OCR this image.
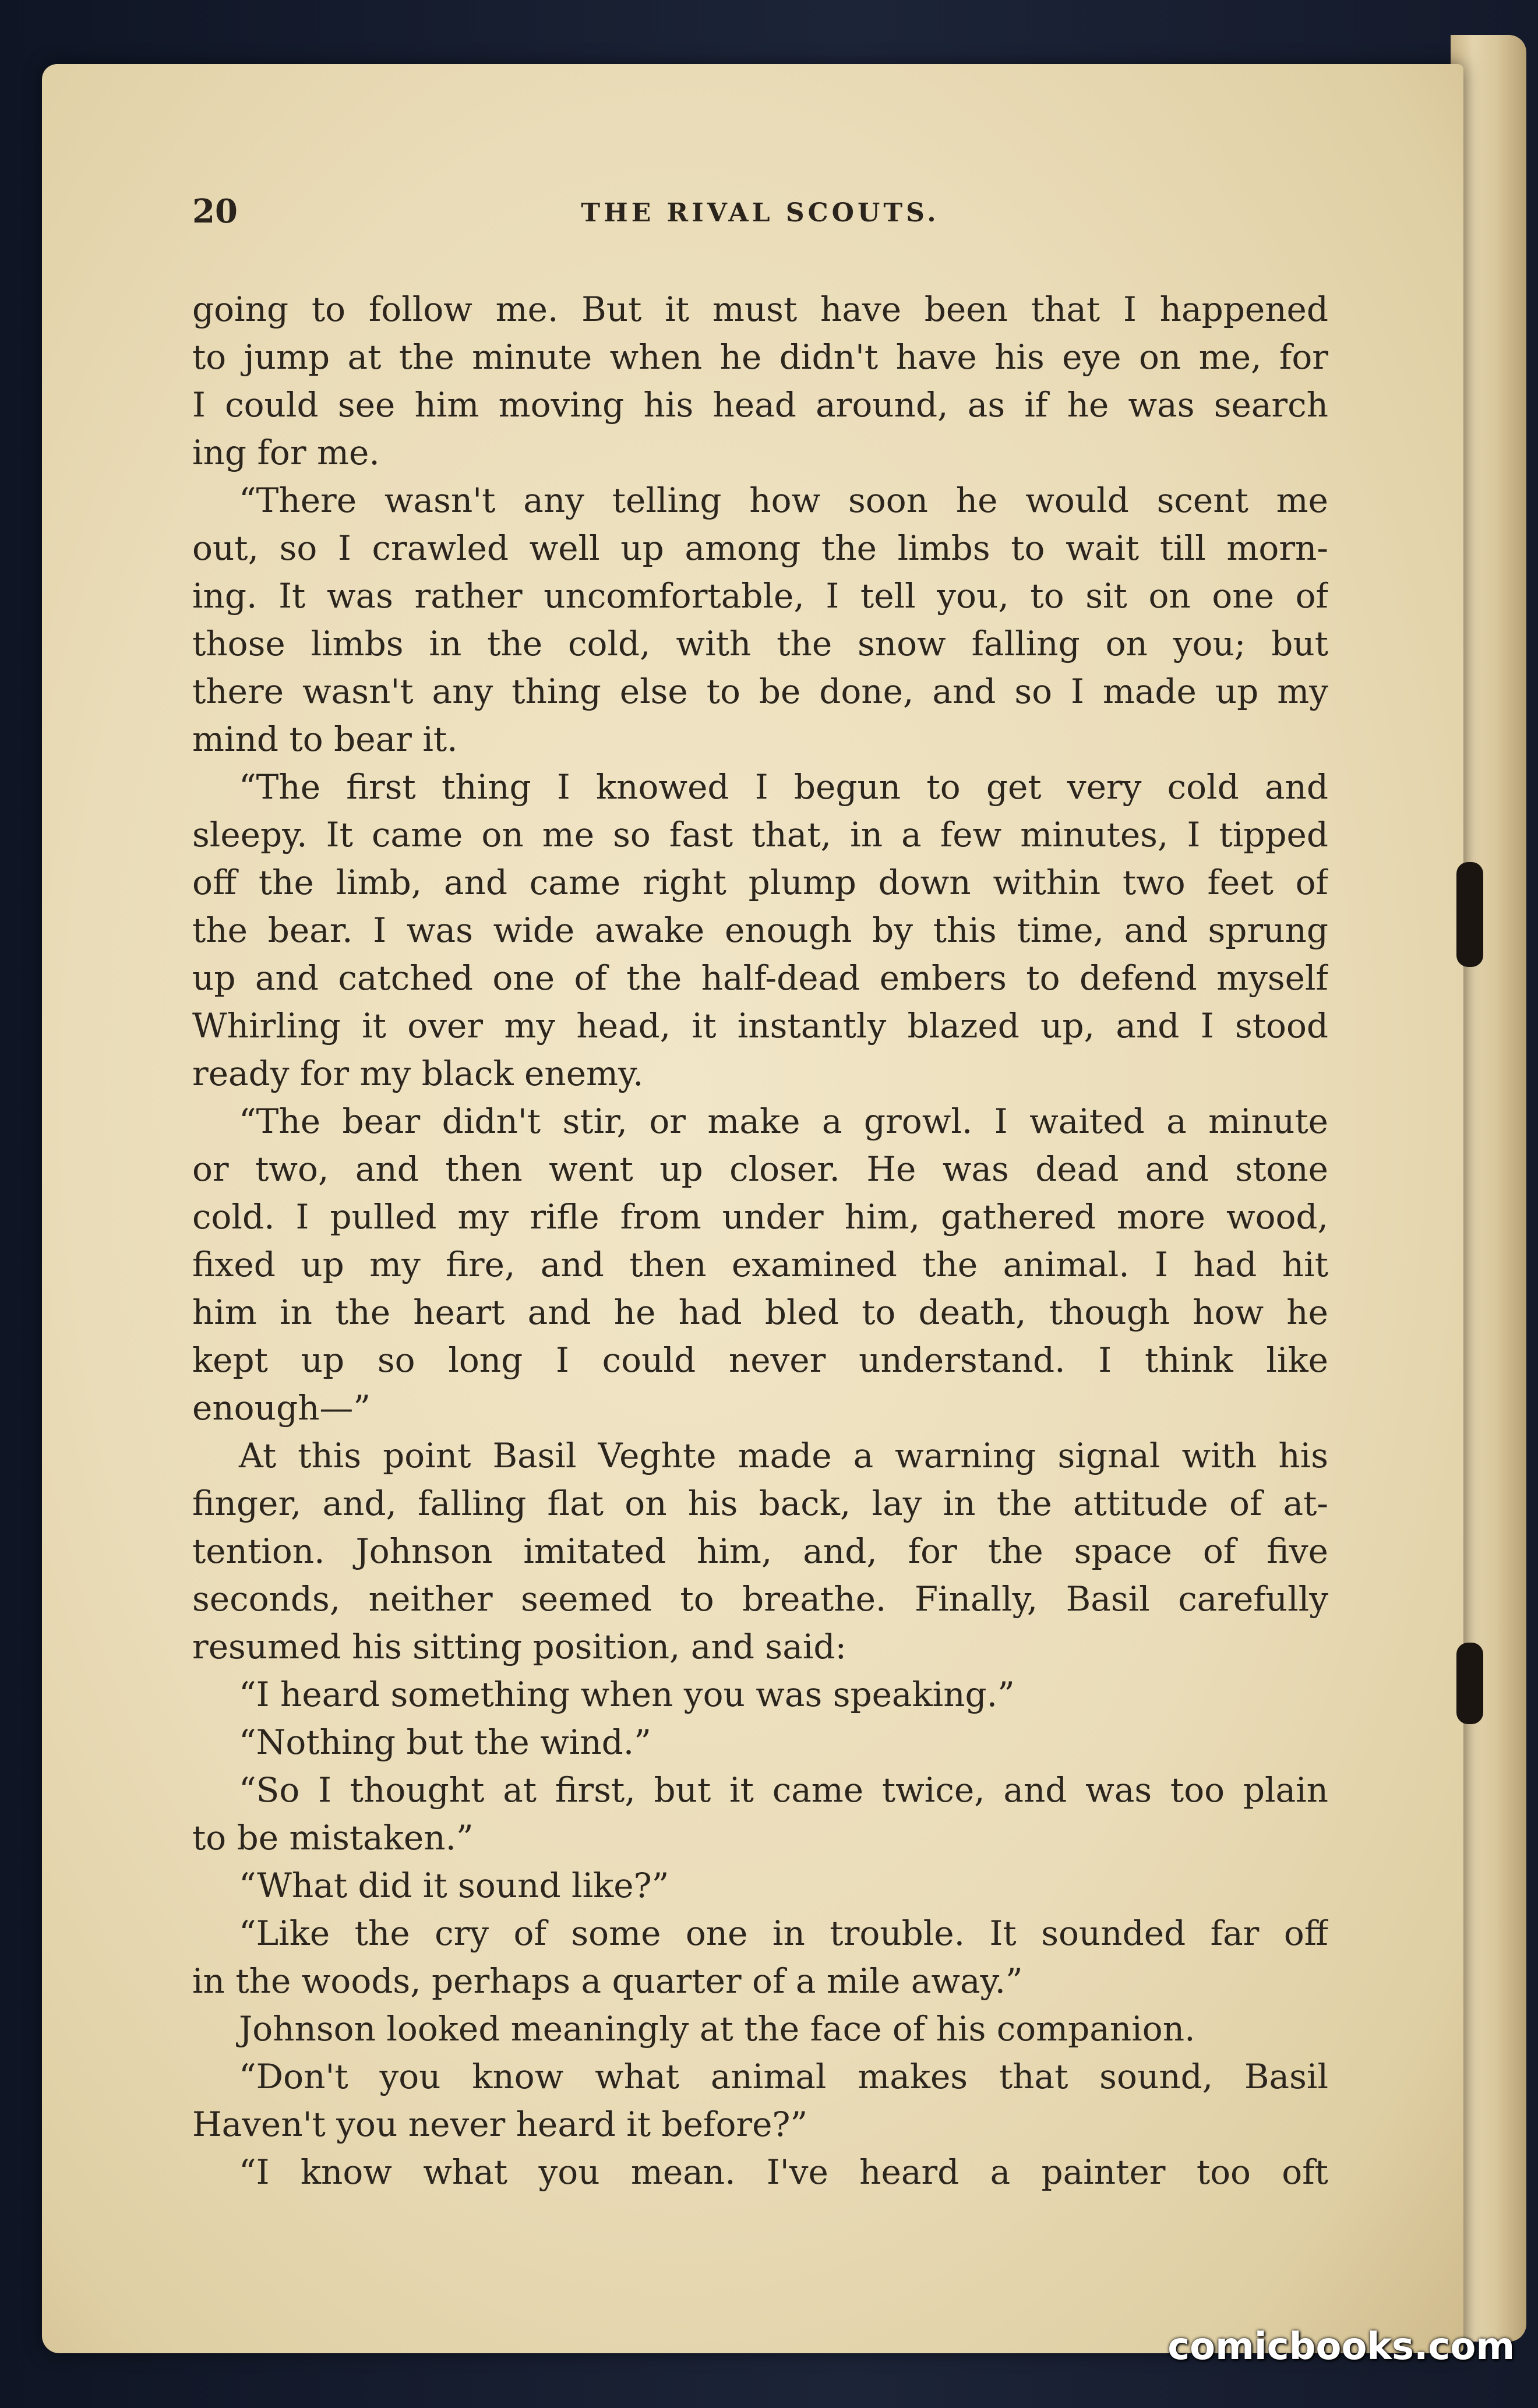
20	THE RIVAL SCOUTS.
going to follow me. But it must have been that I happened
to jump at the minute when he didn't have his eye on me, for
I could see him moving his head around, as if he was search
ing for me.
“There wasn't any telling how soon he would scent me
out, so I crawled well up among the limbs to wait till morn-
ing. It was rather uncomfortable, I tell you, to sit on one of
those limbs in the cold, with the snow falling on you; but
there wasn't any thing else to be done, and so I made up my
mind to bear it.
“The first thing I knowed I begun to get very cold and
sleepy. It came on me so fast that, in a few minutes, I tipped
off the limb, and came right plump down within two feet of
the bear. I was wide awake enough by this time, and sprung
up and catched one of the half-dead embers to defend myself
Whirling it over my head, it instantly blazed up, and I stood
ready for my black enemy.
“The bear didn't stir, or make a growl. I waited a minute
or two, and then went up closer. He was dead and stone
cold. I pulled my rifle from under him, gathered more wood,
fixed up my fire, and then examined the animal. I had hit
him in the heart and he had bled to death, though how he
kept up so long I could never understand. I think like
enough—”
At this point Basil Veghte made a warning signal with his
finger, and, falling flat on his back, lay in the attitude of at-
tention. Johnson imitated him, and, for the space of five
seconds, neither seemed to breathe. Finally, Basil carefully
resumed his sitting position, and said:
“I heard something when you was speaking.”
“Nothing but the wind.”
“So I thought at first, but it came twice, and was too plain
to be mistaken.”
“What did it sound like?”
“Like the cry of some one in trouble. It sounded far off
in the woods, perhaps a quarter of a mile away.”
Johnson looked meaningly at the face of his companion.
“Don't you know what animal makes that sound, Basil
Haven't you never heard it before?”
“I know what you mean. I've heard a painter too oft
comicbooks.com
